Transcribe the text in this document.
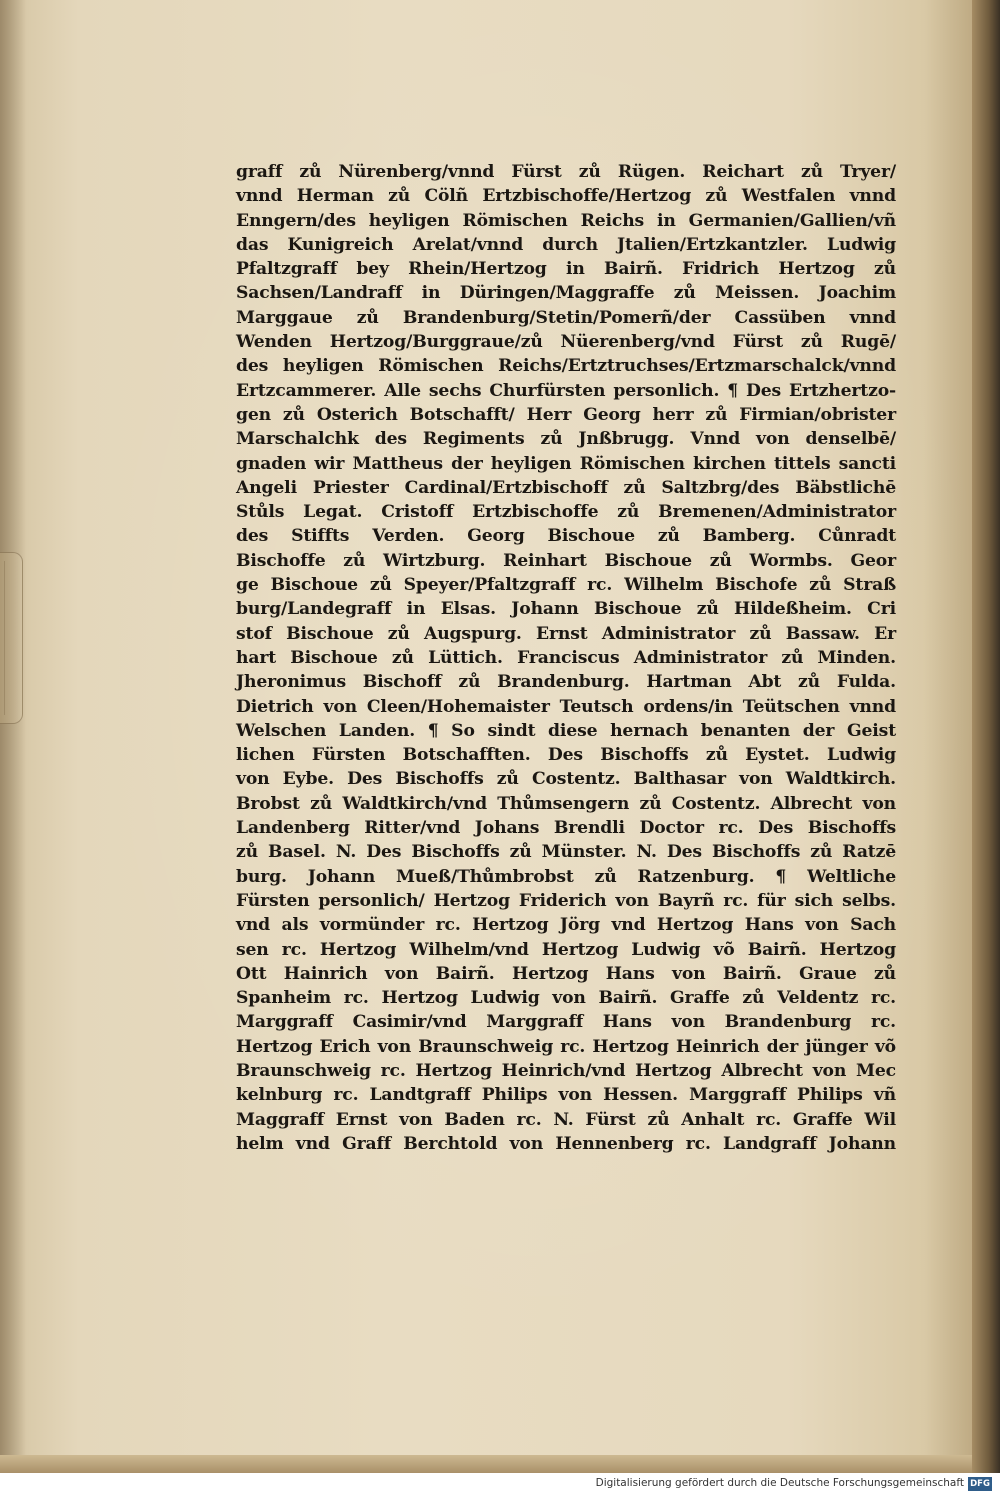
graff zů Nürenberg/vnnd Fürst zů Rügen. Reichart zů Tryer/
vnnd Herman zů Cölñ Ertzbischoffe/Hertzog zů Westfalen vnnd
Enngern/des heyligen Römischen Reichs in Germanien/Gallien/vñ
das Kunigreich Arelat/vnnd durch Jtalien/Ertzkantzler. Ludwig
Pfaltzgraff bey Rhein/Hertzog in Bairñ. Fridrich Hertzog zů
Sachsen/Landraff in Düringen/Maggraffe zů Meissen. Joachim
Marggaue zů Brandenburg/Stetin/Pomerñ/der Cassüben vnnd
Wenden Hertzog/Burggraue/zů Nüerenberg/vnd Fürst zů Rugē/
des heyligen Römischen Reichs/Ertztruchses/Ertzmarschalck/vnnd
Ertzcammerer. Alle sechs Churfürsten personlich. ¶ Des Ertzhertzo-
gen zů Osterich Botschafft/ Herr Georg herr zů Firmian/obrister
Marschalchk des Regiments zů Jnßbrugg. Vnnd von denselbē/
gnaden wir Mattheus der heyligen Römischen kirchen tittels sancti
Angeli Priester Cardinal/Ertzbischoff zů Saltzbrg/des Bäbstlichē
Stůls Legat. Cristoff Ertzbischoffe zů Bremenen/Administrator
des Stiffts Verden. Georg Bischoue zů Bamberg. Cůnradt
Bischoffe zů Wirtzburg. Reinhart Bischoue zů Wormbs. Geor
ge Bischoue zů Speyer/Pfaltzgraff rc. Wilhelm Bischofe zů Straß
burg/Landegraff in Elsas. Johann Bischoue zů Hildeßheim. Cri
stof Bischoue zů Augspurg. Ernst Administrator zů Bassaw. Er
hart Bischoue zů Lüttich. Franciscus Administrator zů Minden.
Jheronimus Bischoff zů Brandenburg. Hartman Abt zů Fulda.
Dietrich von Cleen/Hohemaister Teutsch ordens/in Teütschen vnnd
Welschen Landen. ¶ So sindt diese hernach benanten der Geist
lichen Fürsten Botschafften. Des Bischoffs zů Eystet. Ludwig
von Eybe. Des Bischoffs zů Costentz. Balthasar von Waldtkirch.
Brobst zů Waldtkirch/vnd Thůmsengern zů Costentz. Albrecht von
Landenberg Ritter/vnd Johans Brendli Doctor rc. Des Bischoffs
zů Basel. N. Des Bischoffs zů Münster. N. Des Bischoffs zů Ratzē
burg. Johann Mueß/Thůmbrobst zů Ratzenburg. ¶ Weltliche
Fürsten personlich/ Hertzog Friderich von Bayrñ rc. für sich selbs.
vnd als vormünder rc. Hertzog Jörg vnd Hertzog Hans von Sach
sen rc. Hertzog Wilhelm/vnd Hertzog Ludwig võ Bairñ. Hertzog
Ott Hainrich von Bairñ. Hertzog Hans von Bairñ. Graue zů
Spanheim rc. Hertzog Ludwig von Bairñ. Graffe zů Veldentz rc.
Marggraff Casimir/vnd Marggraff Hans von Brandenburg rc.
Hertzog Erich von Braunschweig rc. Hertzog Heinrich der jünger võ
Braunschweig rc. Hertzog Heinrich/vnd Hertzog Albrecht von Mec
kelnburg rc. Landtgraff Philips von Hessen. Marggraff Philips vñ
Maggraff Ernst von Baden rc. N. Fürst zů Anhalt rc. Graffe Wil
helm vnd Graff Berchtold von Hennenberg rc. Landgraff Johann
Digitalisierung gefördert durch die Deutsche Forschungsgemeinschaft DFG
